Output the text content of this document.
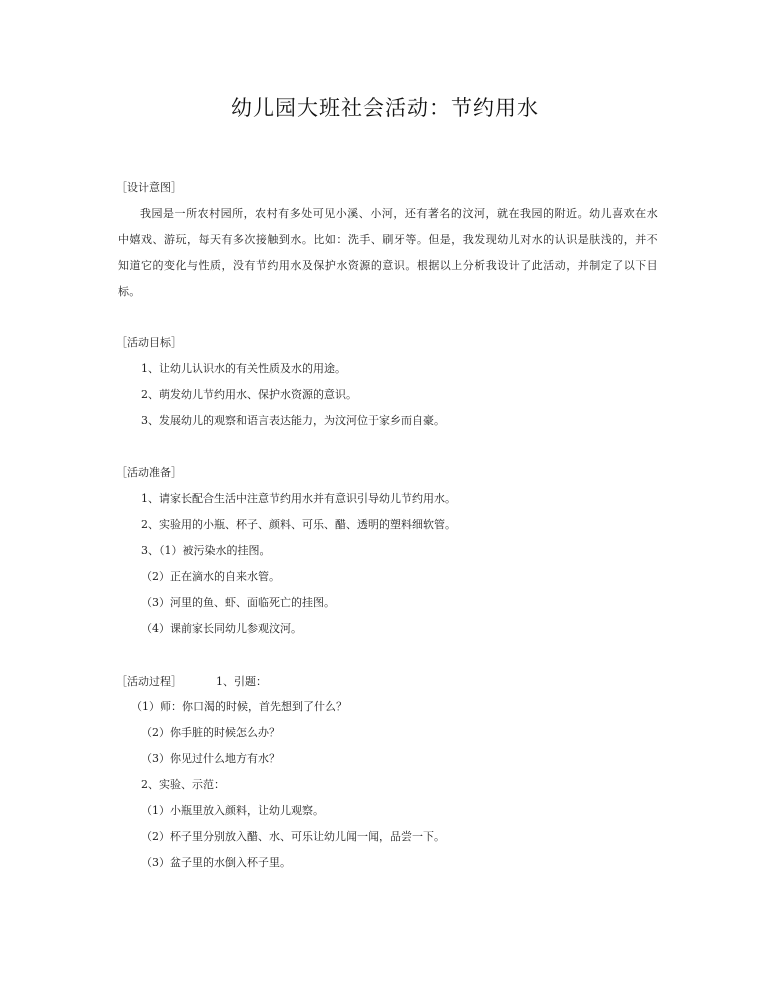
幼儿园大班社会活动：节约用水
［设计意图］
我园是一所农村园所，农村有多处可见小溪、小河，还有著名的汶河，就在我园的附近。幼儿喜欢在水中嬉戏、游玩，每天有多次接触到水。比如：洗手、刷牙等。但是，我发现幼儿对水的认识是肤浅的，并不知道它的变化与性质，没有节约用水及保护水资源的意识。根据以上分析我设计了此活动，并制定了以下目标。
［活动目标］
1、让幼儿认识水的有关性质及水的用途。
2、萌发幼儿节约用水、保护水资源的意识。
3、发展幼儿的观察和语言表达能力，为汶河位于家乡而自豪。
［活动准备］
1、请家长配合生活中注意节约用水并有意识引导幼儿节约用水。
2、实验用的小瓶、杯子、颜料、可乐、醋、透明的塑料细软管。
3、（1）被污染水的挂图。
（2）正在滴水的自来水管。
（3）河里的鱼、虾、面临死亡的挂图。
（4）课前家长同幼儿参观汶河。
［活动过程］	1、引题：
（1）师：你口渴的时候，首先想到了什么？
（2）你手脏的时候怎么办？
（3）你见过什么地方有水？
2、实验、示范：
（1）小瓶里放入颜料，让幼儿观察。
（2）杯子里分别放入醋、水、可乐让幼儿闻一闻，品尝一下。
（3）盆子里的水倒入杯子里。
